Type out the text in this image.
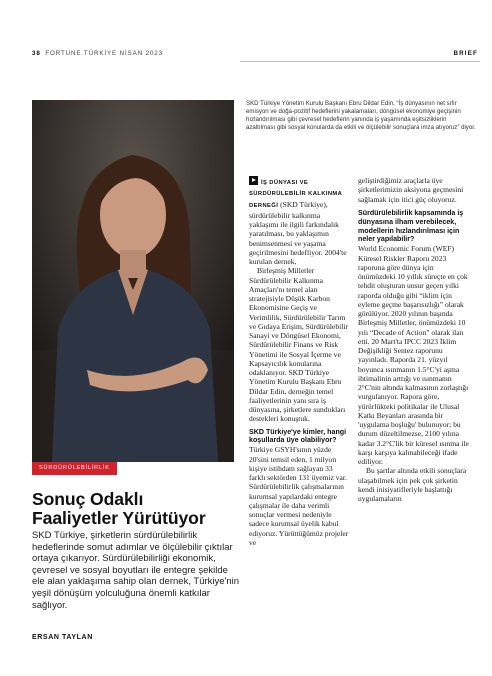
38 FORTUNE TÜRKİYE NİSAN 2023	BRIEF

SKD Türkiye Yönetim Kurulu Başkanı Ebru Dildar Edin, “İş dünyasının net sıfır emisyon ve doğa-pozitif hedeflerini yakalamaları, döngüsel ekonomiye geçişinin hızlandırılması gibi çevresel hedeflerin yanında iş yaşamında eşitsizliklerin azaltılması gibi sosyal konularda da etkili ve ölçülebilir sonuçlara imza atıyoruz” diyor.

SÜRDÜRÜLEBİLİRLİK
Sonuç Odaklı
Faaliyetler Yürütüyor

SKD Türkiye, şirketlerin sürdürülebilirlik hedeflerinde somut adımlar ve ölçülebilir çıktılar ortaya çıkarıyor. Sürdürülebilirliği ekonomik, çevresel ve sosyal boyutları ile entegre şekilde ele alan yaklaşıma sahip olan dernek, Türkiye'nin yeşil dönüşüm yolculuğuna önemli katkılar sağlıyor.

ERSAN TAYLAN

İŞ DÜNYASI VE SÜRDÜRÜLEBİLİR KALKINMA DERNEĞİ (SKD Türkiye), sürdürülebilir kalkınma yaklaşımı ile ilgili farkındalık yaratılması, bu yaklaşımın benimsenmesi ve yaşama geçirilmesini hedefliyor. 2004'te kurulan dernek,

Birleşmiş Milletler Sürdürülebilir Kalkınma Amaçları'nı temel alan stratejisiyle Düşük Karbon Ekonomisine Geçiş ve Verimlilik, Sürdürülebilir Tarım ve Gıdaya Erişim, Sürdürülebilir Sanayi ve Döngüsel Ekonomi, Sürdürülebilir Finans ve Risk Yönetimi ile Sosyal İçerme ve Kapsayıcılık konularına odaklanıyor. SKD Türkiye Yönetim Kurulu Başkanı Ebru Dildar Edin, derneğin temel faaliyetlerinin yanı sıra iş dünyasına, şirketlere sundukları destekleri konuştuk.

SKD Türkiye'ye kimler, hangi koşullarda üye olabiliyor?

Türkiye GSYH'sının yüzde 20'sini temsil eden, 1 milyon kişiye istihdam sağlayan 33 farklı sektörden 131 üyemiz var. Sürdürülebilirlik çalışmalarının kurumsal yapılardaki entegre çalışmalar ile daha verimli sonuçlar vermesi nedeniyle sadece kurumsal üyelik kabul ediyoruz. Yürüttüğümüz projeler ve

geliştirdiğimiz araçlarla üye şirketlerimizin aksiyona geçmesini sağlamak için itici güç oluyoruz.

Sürdürülebilirlik kapsamında iş dünyasına ilham verebilecek, modellerin hızlandırılması için neler yapılabilir?

World Economic Forum (WEF) Küresel Riskler Raporu 2023 raporuna göre dünya için önümüzdeki 10 yıllık süreçte en çok tehdit oluşturan unsur geçen yılki raporda olduğu gibi “iklim için eyleme geçme başarısızlığı” olarak görülüyor. 2020 yılının başında Birleşmiş Milletler, önümüzdeki 10 yılı “Decade of Action” olarak ilan etti. 20 Mart'ta IPCC 2023 İklim Değişikliği Sentez raporunu yayınladı. Raporda 21. yüzyıl boyunca ısınmanın 1.5°C'yi aşma ihtimalinin arttığı ve ısınmanın 2°C'nin altında kalmasının zorlaştığı vurgulanıyor. Rapora göre, yürürlükteki politikalar ile Ulusal Katkı Beyanları arasında bir 'uygulama boşluğu' bulunuyor; bu durum düzeltilmezse, 2100 yılına kadar 3.2°C'lik bir küresel ısınma ile karşı karşıya kalınabileceği ifade ediliyor.

Bu şartlar altında etkili sonuçlara ulaşabilmek için pek çok şirketin kendi inisiyatifleriyle başlattığı uygulamaların
